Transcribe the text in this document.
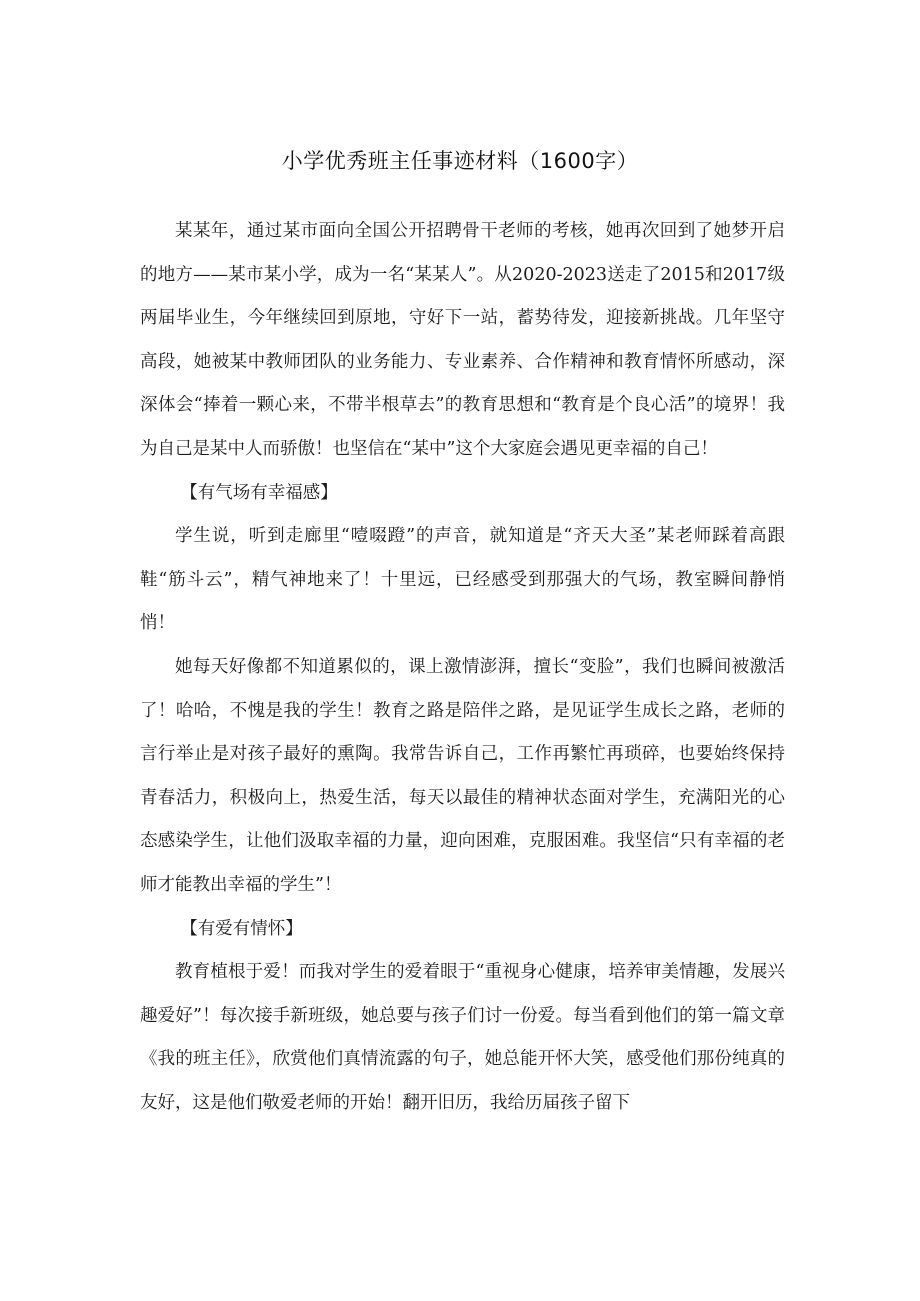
小学优秀班主任事迹材料（1600字）

某某年，通过某市面向全国公开招聘骨干老师的考核，她再次回到了她梦开启的地方——某市某小学，成为一名“某某人”。从2020-2023送走了2015和2017级两届毕业生，今年继续回到原地，守好下一站，蓄势待发，迎接新挑战。几年坚守高段，她被某中教师团队的业务能力、专业素养、合作精神和教育情怀所感动，深深体会“捧着一颗心来，不带半根草去”的教育思想和“教育是个良心活”的境界！我为自己是某中人而骄傲！也坚信在“某中”这个大家庭会遇见更幸福的自己！

【有气场有幸福感】

学生说，听到走廊里“噎啜蹬”的声音，就知道是“齐天大圣”某老师踩着高跟鞋“筋斗云”，精气神地来了！十里远，已经感受到那强大的气场，教室瞬间静悄悄！

她每天好像都不知道累似的，课上激情澎湃，擅长“变脸”，我们也瞬间被激活了！哈哈，不愧是我的学生！教育之路是陪伴之路，是见证学生成长之路，老师的言行举止是对孩子最好的熏陶。我常告诉自己，工作再繁忙再琐碎，也要始终保持青春活力，积极向上，热爱生活，每天以最佳的精神状态面对学生，充满阳光的心态感染学生，让他们汲取幸福的力量，迎向困难，克服困难。我坚信“只有幸福的老师才能教出幸福的学生”！

【有爱有情怀】

教育植根于爱！而我对学生的爱着眼于“重视身心健康，培养审美情趣，发展兴趣爱好”！每次接手新班级，她总要与孩子们讨一份爱。每当看到他们的第一篇文章《我的班主任》，欣赏他们真情流露的句子，她总能开怀大笑，感受他们那份纯真的友好，这是他们敬爱老师的开始！翻开旧历，我给历届孩子留下
